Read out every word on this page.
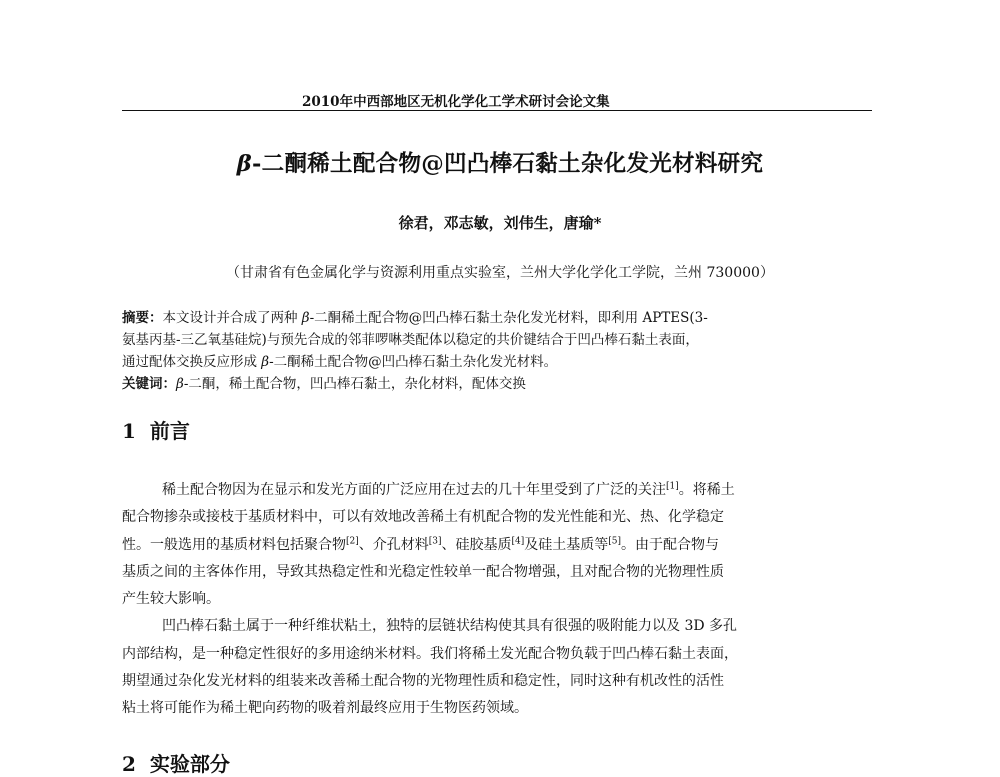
2010年中西部地区无机化学化工学术研讨会论文集
β-二酮稀土配合物@凹凸棒石黏土杂化发光材料研究
徐君，邓志敏，刘伟生，唐瑜*
（甘肃省有色金属化学与资源利用重点实验室，兰州大学化学化工学院，兰州 730000）
摘要：本文设计并合成了两种 β-二酮稀土配合物@凹凸棒石黏土杂化发光材料，即利用 APTES(3-
氨基丙基-三乙氧基硅烷)与预先合成的邻菲啰啉类配体以稳定的共价键结合于凹凸棒石黏土表面，
通过配体交换反应形成 β-二酮稀土配合物@凹凸棒石黏土杂化发光材料。
关键词：β-二酮，稀土配合物，凹凸棒石黏土，杂化材料，配体交换
1 前言
稀土配合物因为在显示和发光方面的广泛应用在过去的几十年里受到了广泛的关注[1]。将稀土
配合物掺杂或接枝于基质材料中，可以有效地改善稀土有机配合物的发光性能和光、热、化学稳定
性。一般选用的基质材料包括聚合物[2]、介孔材料[3]、硅胶基质[4]及硅土基质等[5]。由于配合物与
基质之间的主客体作用，导致其热稳定性和光稳定性较单一配合物增强，且对配合物的光物理性质
产生较大影响。
凹凸棒石黏土属于一种纤维状粘土，独特的层链状结构使其具有很强的吸附能力以及 3D 多孔
内部结构，是一种稳定性很好的多用途纳米材料。我们将稀土发光配合物负载于凹凸棒石黏土表面，
期望通过杂化发光材料的组装来改善稀土配合物的光物理性质和稳定性，同时这种有机改性的活性
粘土将可能作为稀土靶向药物的吸着剂最终应用于生物医药领域。
2 实验部分
